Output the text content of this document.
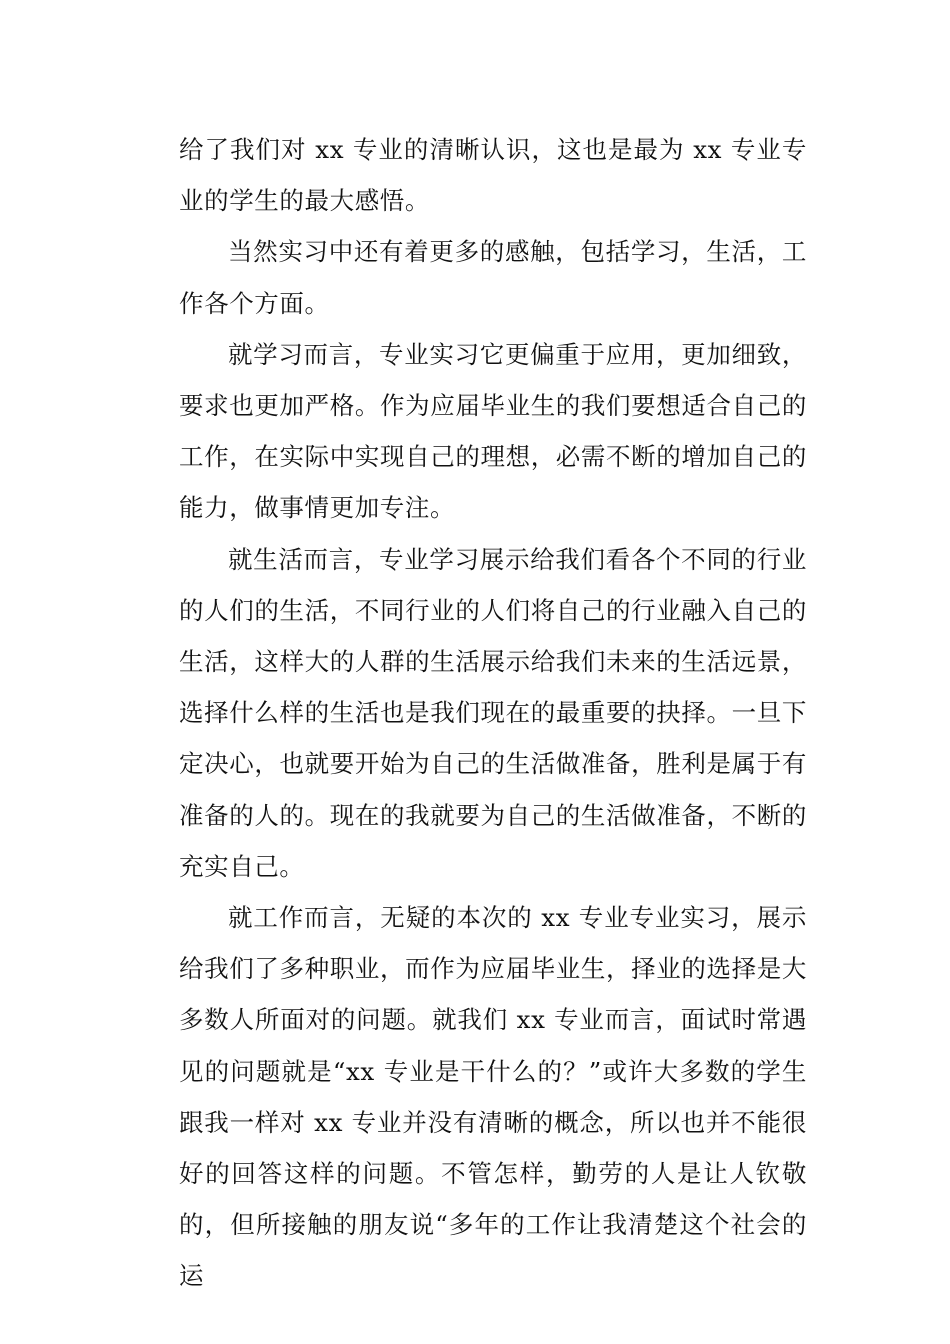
给了我们对 xx 专业的清晰认识，这也是最为 xx 专业专业的学生的最大感悟。

当然实习中还有着更多的感触，包括学习，生活，工作各个方面。

就学习而言，专业实习它更偏重于应用，更加细致，要求也更加严格。作为应届毕业生的我们要想适合自己的工作，在实际中实现自己的理想，必需不断的增加自己的能力，做事情更加专注。

就生活而言，专业学习展示给我们看各个不同的行业的人们的生活，不同行业的人们将自己的行业融入自己的生活，这样大的人群的生活展示给我们未来的生活远景，选择什么样的生活也是我们现在的最重要的抉择。一旦下定决心，也就要开始为自己的生活做准备，胜利是属于有准备的人的。现在的我就要为自己的生活做准备，不断的充实自己。

就工作而言，无疑的本次的 xx 专业专业实习，展示给我们了多种职业，而作为应届毕业生，择业的选择是大多数人所面对的问题。就我们 xx 专业而言，面试时常遇见的问题就是“xx 专业是干什么的？”或许大多数的学生跟我一样对 xx 专业并没有清晰的概念，所以也并不能很好的回答这样的问题。不管怎样，勤劳的人是让人钦敬的，但所接触的朋友说“多年的工作让我清楚这个社会的运
